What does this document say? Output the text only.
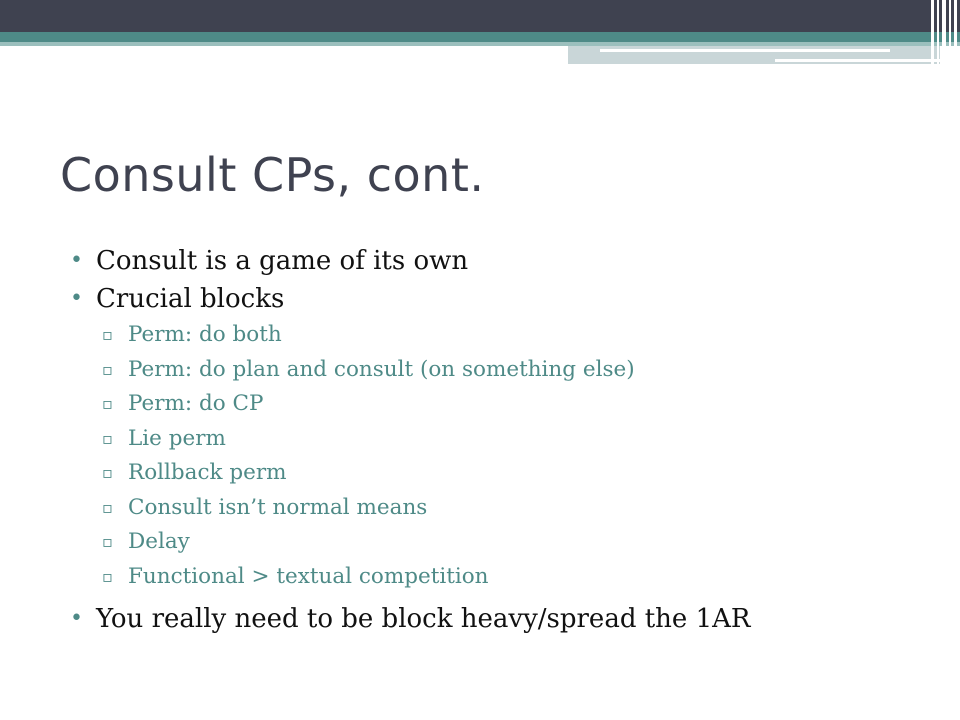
Consult CPs, cont.
• Consult is a game of its own
• Crucial blocks
▫ Perm: do both
▫ Perm: do plan and consult (on something else)
▫ Perm: do CP
▫ Lie perm
▫ Rollback perm
▫ Consult isn’t normal means
▫ Delay
▫ Functional > textual competition
• You really need to be block heavy/spread the 1AR
